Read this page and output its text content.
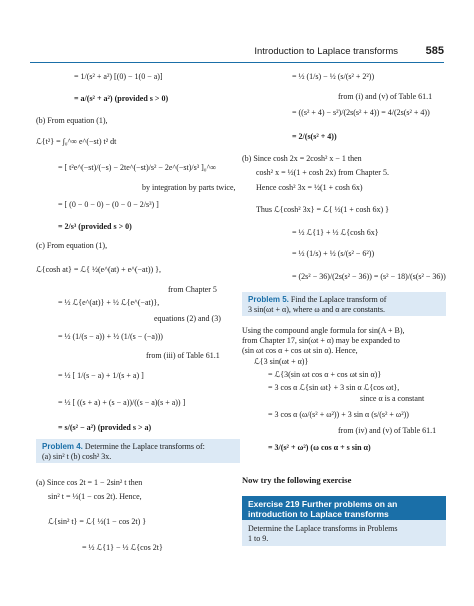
Introduction to Laplace transforms	585
= 1/(s² + a²) [(0) − 1(0 − a)]
= a/(s² + a²) (provided s > 0)
(b) From equation (1),
ℒ{t²} = ∫₀^∞ e^(−st) t² dt
= [ t²e^(−st)/(−s) − 2te^(−st)/s² − 2e^(−st)/s³ ]₀^∞
by integration by parts twice,
= [ (0 − 0 − 0) − (0 − 0 − 2/s³) ]
= 2/s³ (provided s > 0)
(c) From equation (1),
ℒ{cosh at} = ℒ{ ½(e^(at) + e^(−at)) },
from Chapter 5
= ½ ℒ{e^(at)} + ½ ℒ{e^(−at)},
equations (2) and (3)
= ½ (1/(s − a)) + ½ (1/(s − (−a)))
from (iii) of Table 61.1
= ½ [ 1/(s − a) + 1/(s + a) ]
= ½ [ ((s + a) + (s − a))/((s − a)(s + a)) ]
= s/(s² − a²) (provided s > a)
= ½ (1/s) − ½ (s/(s² + 2²))
from (i) and (v) of Table 61.1
= ((s² + 4) − s²)/(2s(s² + 4)) = 4/(2s(s² + 4))
= 2/(s(s² + 4))
(b) Since cosh 2x = 2cosh² x − 1 then
cosh² x = ½(1 + cosh 2x) from Chapter 5.
Hence cosh² 3x = ½(1 + cosh 6x)
Thus ℒ{cosh² 3x} = ℒ{ ½(1 + cosh 6x) }
= ½ ℒ{1} + ½ ℒ{cosh 6x}
= ½ (1/s) + ½ (s/(s² − 6²))
= (2s² − 36)/(2s(s² − 36)) = (s² − 18)/(s(s² − 36))
Problem 4. Determine the Laplace transforms of:
(a) sin² t (b) cosh² 3x.
Problem 5. Find the Laplace transform of
3 sin(ωt + α), where ω and α are constants.
Now try the following exercise
Exercise 219 Further problems on an introduction to Laplace transforms
Determine the Laplace transforms in Problems
1 to 9.
(a) Since cos 2t = 1 − 2sin² t then
sin² t = ½(1 − cos 2t). Hence,
ℒ{sin² t} = ℒ{ ½(1 − cos 2t) }
= ½ ℒ{1} − ½ ℒ{cos 2t}
Using the compound angle formula for sin(A + B),
from Chapter 17, sin(ωt + α) may be expanded to
(sin ωt cos α + cos ωt sin α). Hence,
ℒ{3 sin(ωt + α)}
= ℒ{3(sin ωt cos α + cos ωt sin α)}
= 3 cos α ℒ{sin ωt} + 3 sin α ℒ{cos ωt},
since α is a constant
= 3 cos α (ω/(s² + ω²)) + 3 sin α (s/(s² + ω²))
from (iv) and (v) of Table 61.1
= 3/(s² + ω²) (ω cos α + s sin α)
